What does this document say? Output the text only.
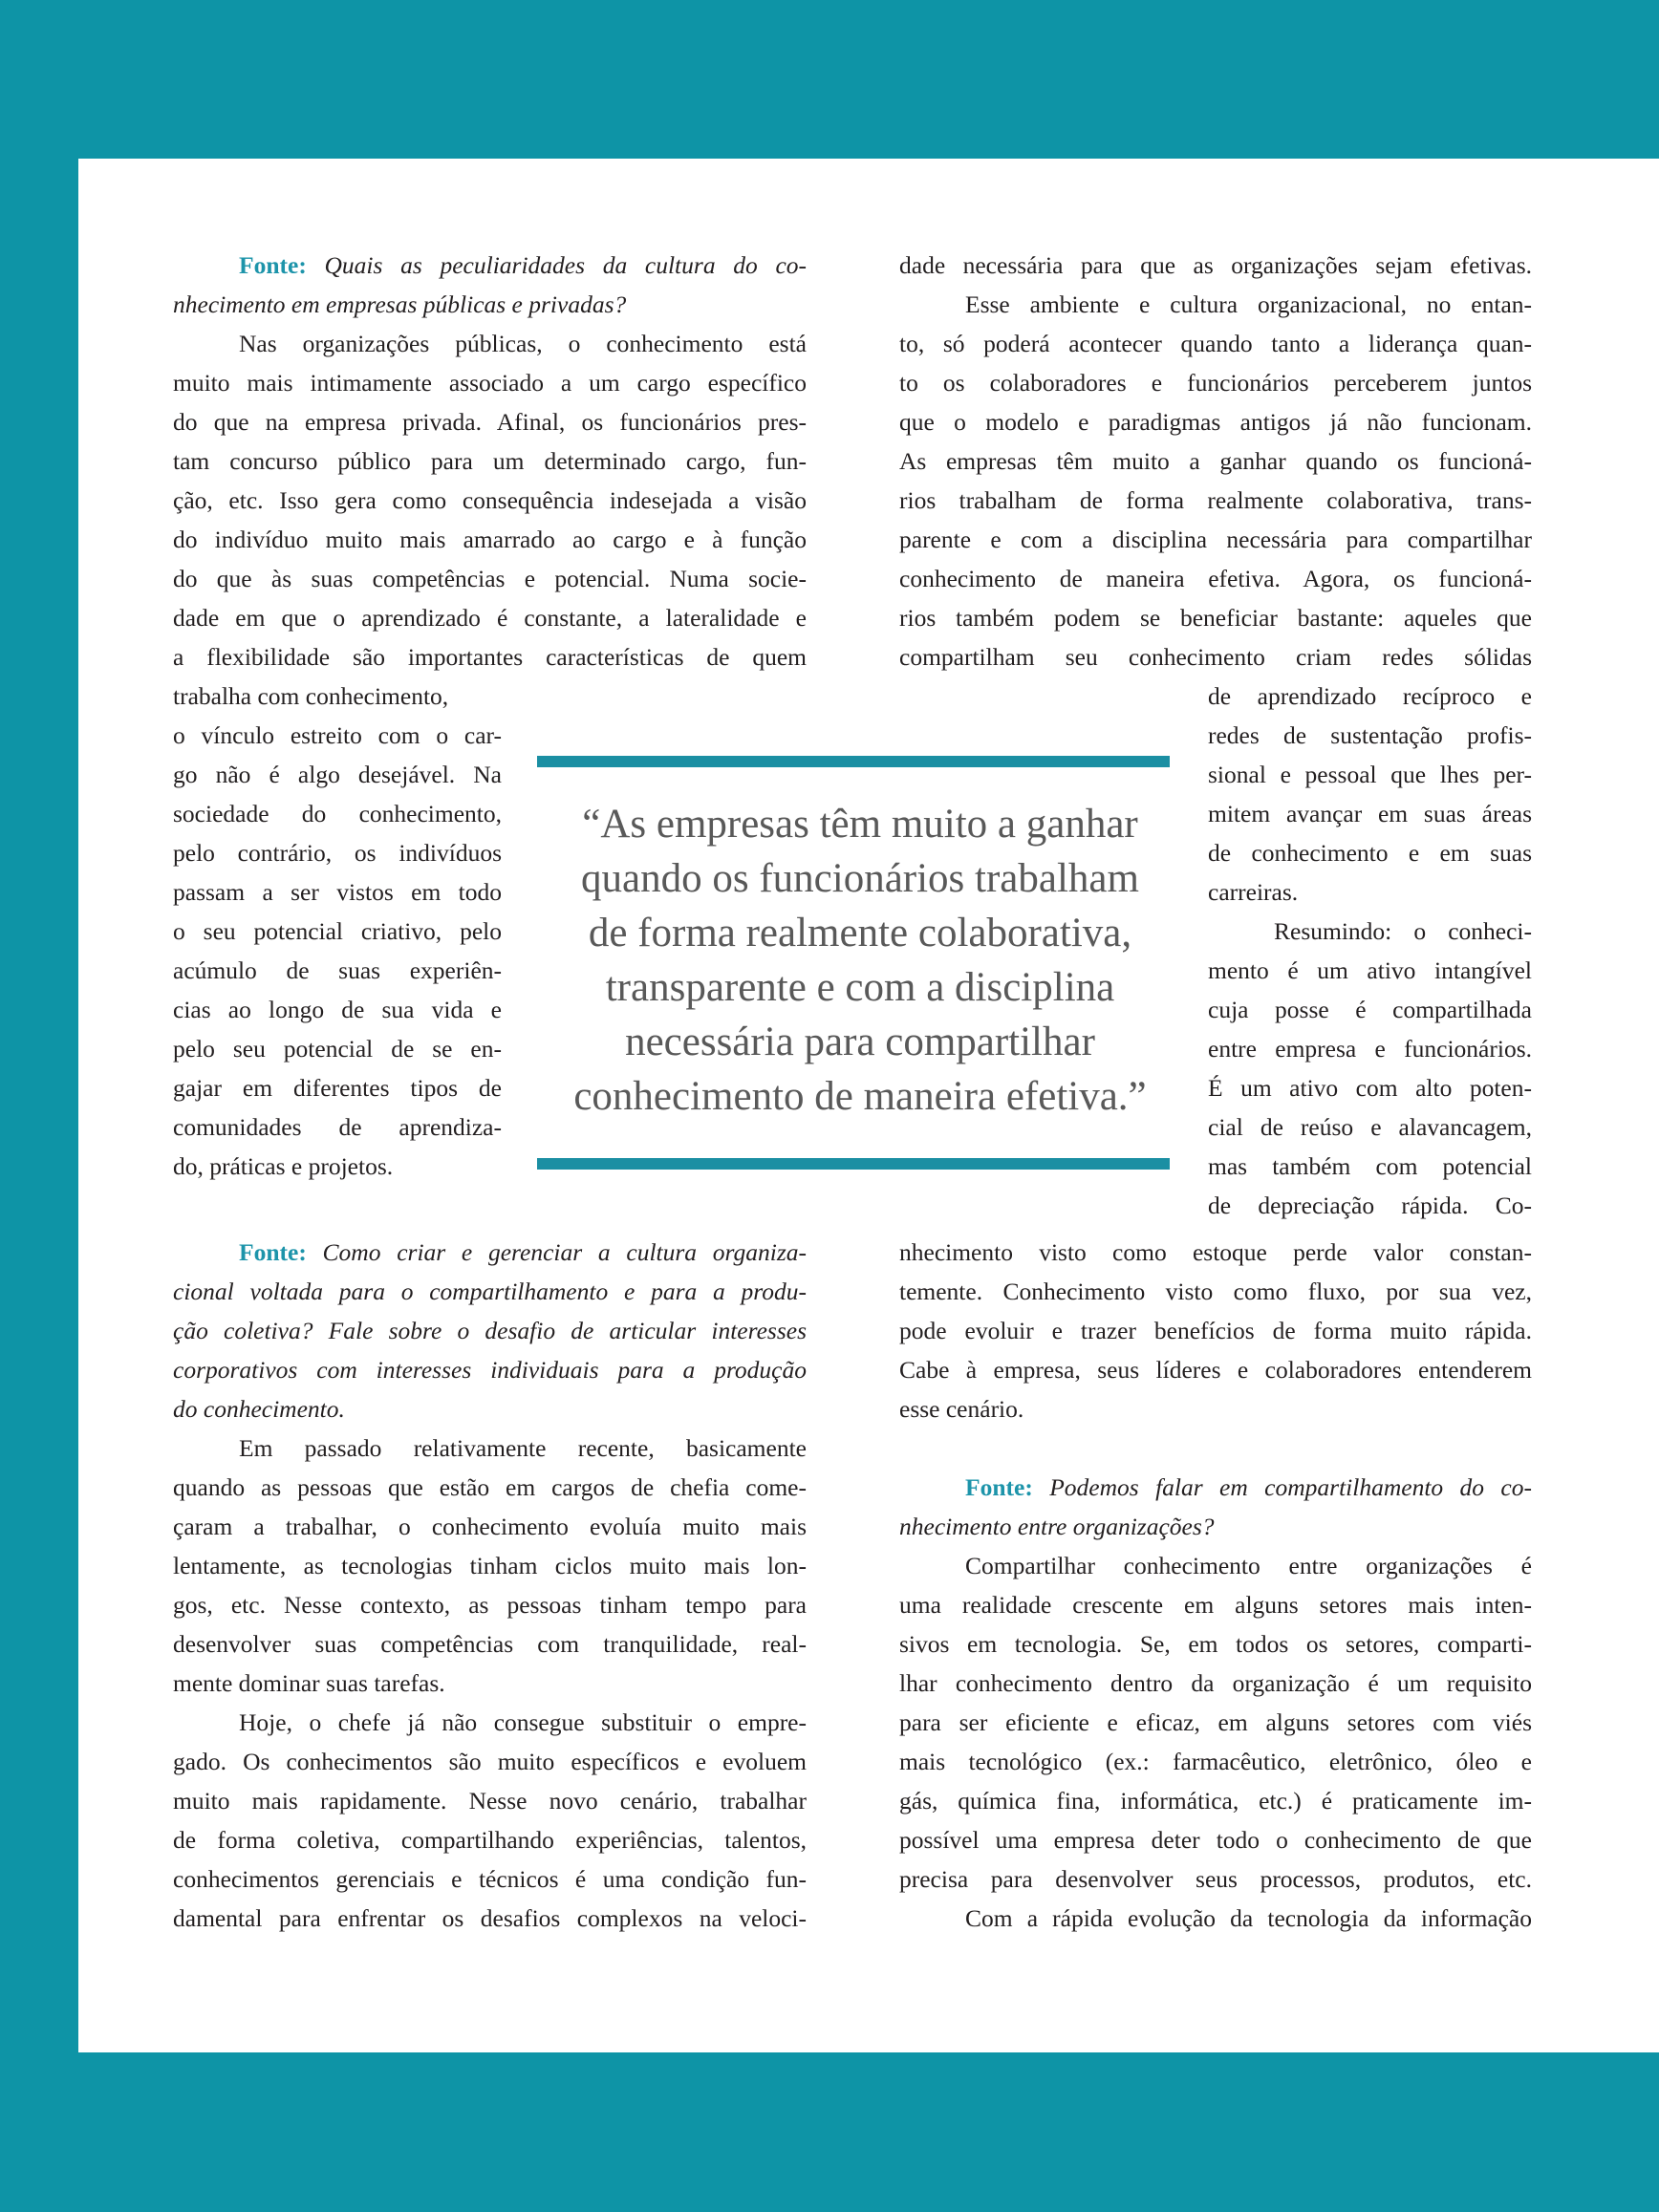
Fonte: Quais as peculiaridades da cultura do co-

nhecimento em empresas públicas e privadas?

Nas organizações públicas, o conhecimento está

muito mais intimamente associado a um cargo específico

do que na empresa privada. Afinal, os funcionários pres-

tam concurso público para um determinado cargo, fun-

ção, etc. Isso gera como consequência indesejada a visão

do indivíduo muito mais amarrado ao cargo e à função

do que às suas competências e potencial. Numa socie-

dade em que o aprendizado é constante, a lateralidade e

a flexibilidade são importantes características de quem

trabalha com conhecimento,

o vínculo estreito com o car-

go não é algo desejável. Na

sociedade do conhecimento,

pelo contrário, os indivíduos

passam a ser vistos em todo

o seu potencial criativo, pelo

acúmulo de suas experiên-

cias ao longo de sua vida e

pelo seu potencial de se en-

gajar em diferentes tipos de

comunidades de aprendiza-

do, práticas e projetos.

Fonte: Como criar e gerenciar a cultura organiza-

cional voltada para o compartilhamento e para a produ-

ção coletiva? Fale sobre o desafio de articular interesses

corporativos com interesses individuais para a produção

do conhecimento.

Em passado relativamente recente, basicamente

quando as pessoas que estão em cargos de chefia come-

çaram a trabalhar, o conhecimento evoluía muito mais

lentamente, as tecnologias tinham ciclos muito mais lon-

gos, etc. Nesse contexto, as pessoas tinham tempo para

desenvolver suas competências com tranquilidade, real-

mente dominar suas tarefas.

Hoje, o chefe já não consegue substituir o empre-

gado. Os conhecimentos são muito específicos e evoluem

muito mais rapidamente. Nesse novo cenário, trabalhar

de forma coletiva, compartilhando experiências, talentos,

conhecimentos gerenciais e técnicos é uma condição fun-

damental para enfrentar os desafios complexos na veloci-

dade necessária para que as organizações sejam efetivas.

Esse ambiente e cultura organizacional, no entan-

to, só poderá acontecer quando tanto a liderança quan-

to os colaboradores e funcionários perceberem juntos

que o modelo e paradigmas antigos já não funcionam.

As empresas têm muito a ganhar quando os funcioná-

rios trabalham de forma realmente colaborativa, trans-

parente e com a disciplina necessária para compartilhar

conhecimento de maneira efetiva. Agora, os funcioná-

rios também podem se beneficiar bastante: aqueles que

compartilham seu conhecimento criam redes sólidas

de aprendizado recíproco e

redes de sustentação profis-

sional e pessoal que lhes per-

mitem avançar em suas áreas

de conhecimento e em suas

carreiras.

Resumindo: o conheci-

mento é um ativo intangível

cuja posse é compartilhada

entre empresa e funcionários.

É um ativo com alto poten-

cial de reúso e alavancagem,

mas também com potencial

de depreciação rápida. Co-

nhecimento visto como estoque perde valor constan-

temente. Conhecimento visto como fluxo, por sua vez,

pode evoluir e trazer benefícios de forma muito rápida.

Cabe à empresa, seus líderes e colaboradores entenderem

esse cenário.

Fonte: Podemos falar em compartilhamento do co-

nhecimento entre organizações?

Compartilhar conhecimento entre organizações é

uma realidade crescente em alguns setores mais inten-

sivos em tecnologia. Se, em todos os setores, comparti-

lhar conhecimento dentro da organização é um requisito

para ser eficiente e eficaz, em alguns setores com viés

mais tecnológico (ex.: farmacêutico, eletrônico, óleo e

gás, química fina, informática, etc.) é praticamente im-

possível uma empresa deter todo o conhecimento de que

precisa para desenvolver seus processos, produtos, etc.

Com a rápida evolução da tecnologia da informação

“As empresas têm muito a ganhar
quando os funcionários trabalham
de forma realmente colaborativa,
transparente e com a disciplina
necessária para compartilhar
conhecimento de maneira efetiva.”
